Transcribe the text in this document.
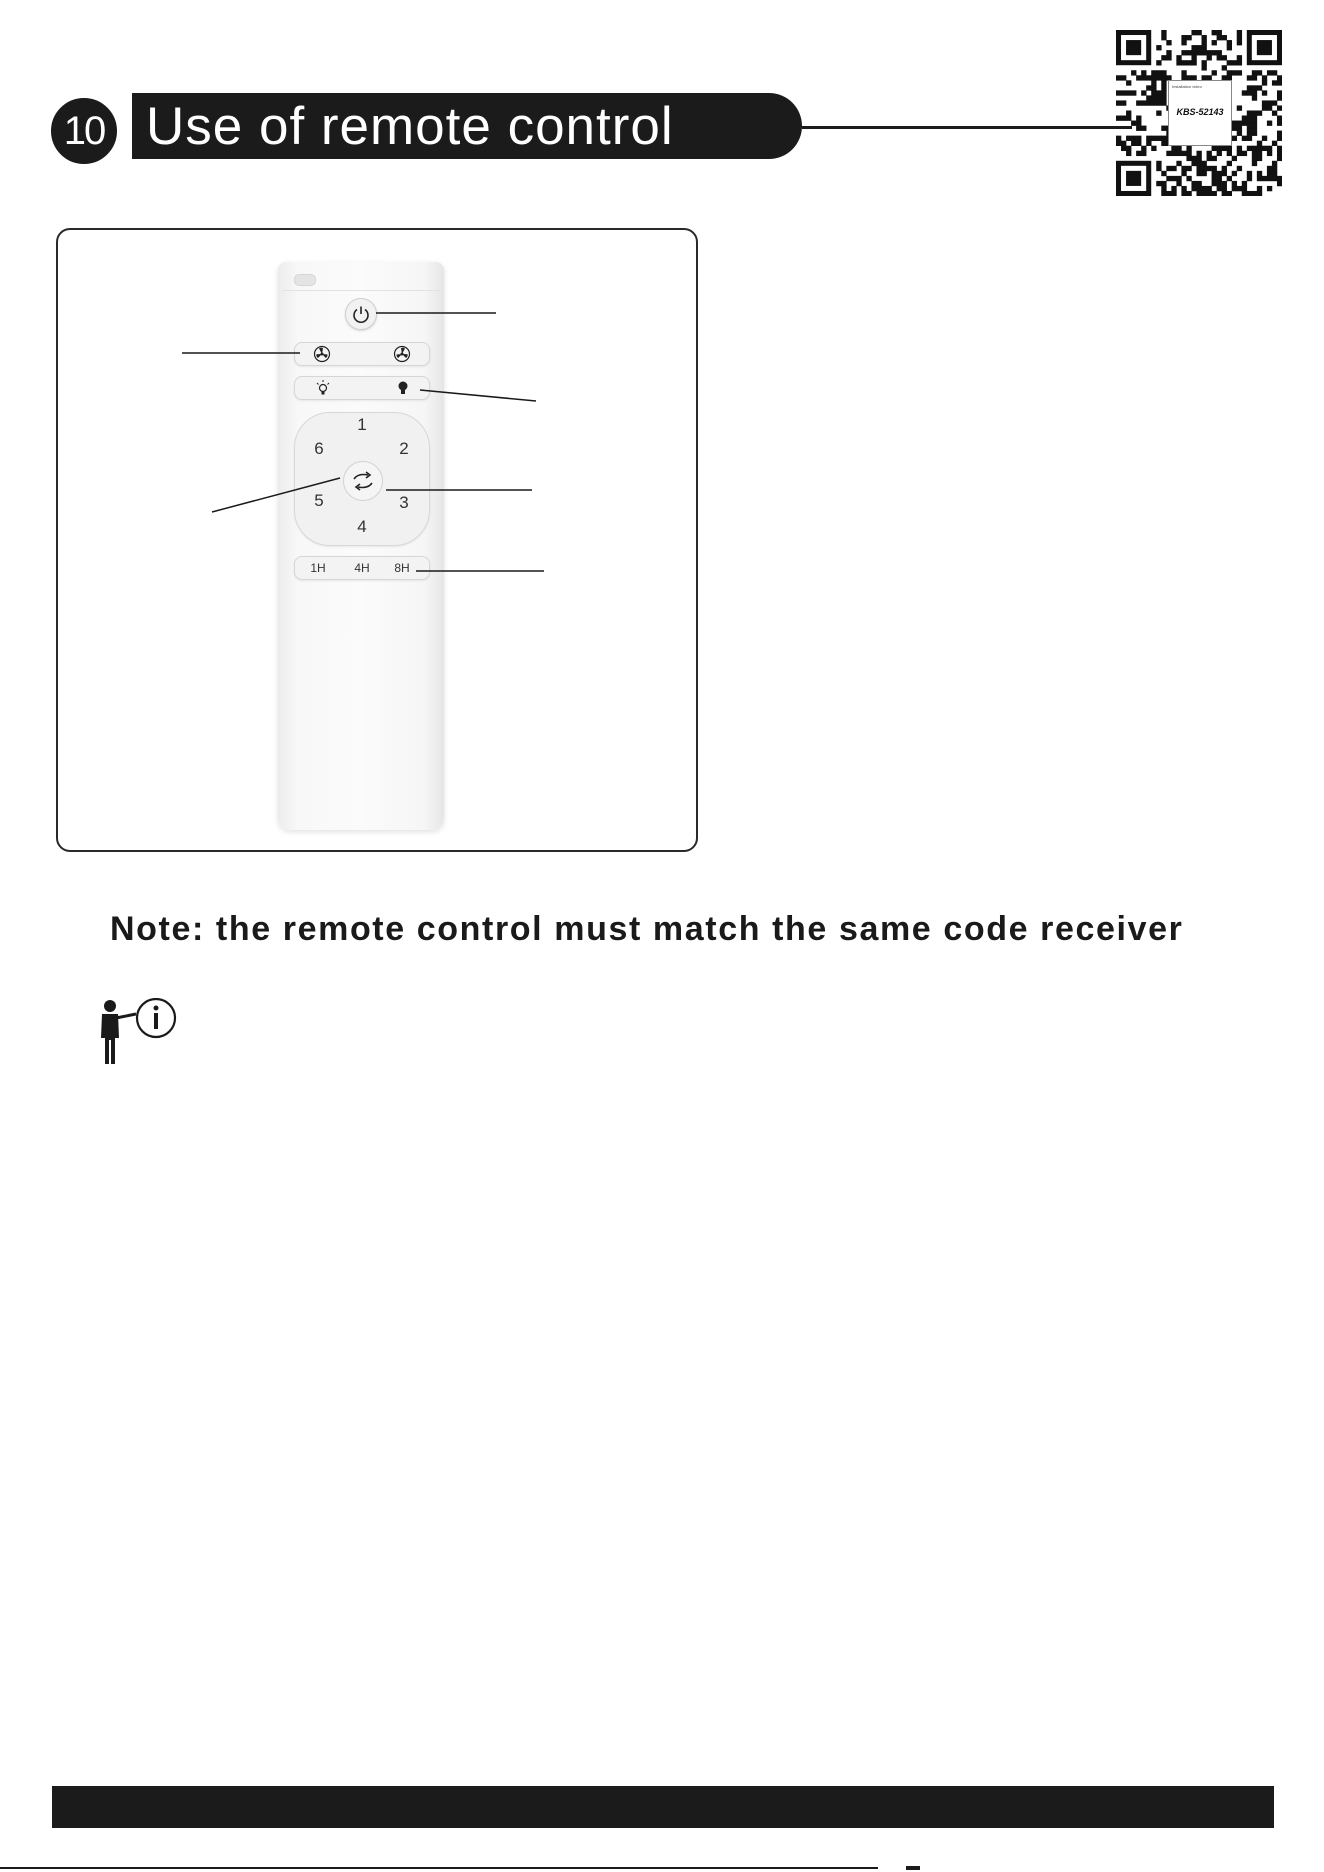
10 Use of remote control
Installation video
KBS-52143
1
2
3
4
5
6
1H	4H	8H
Note: the remote control must match the same code receiver
